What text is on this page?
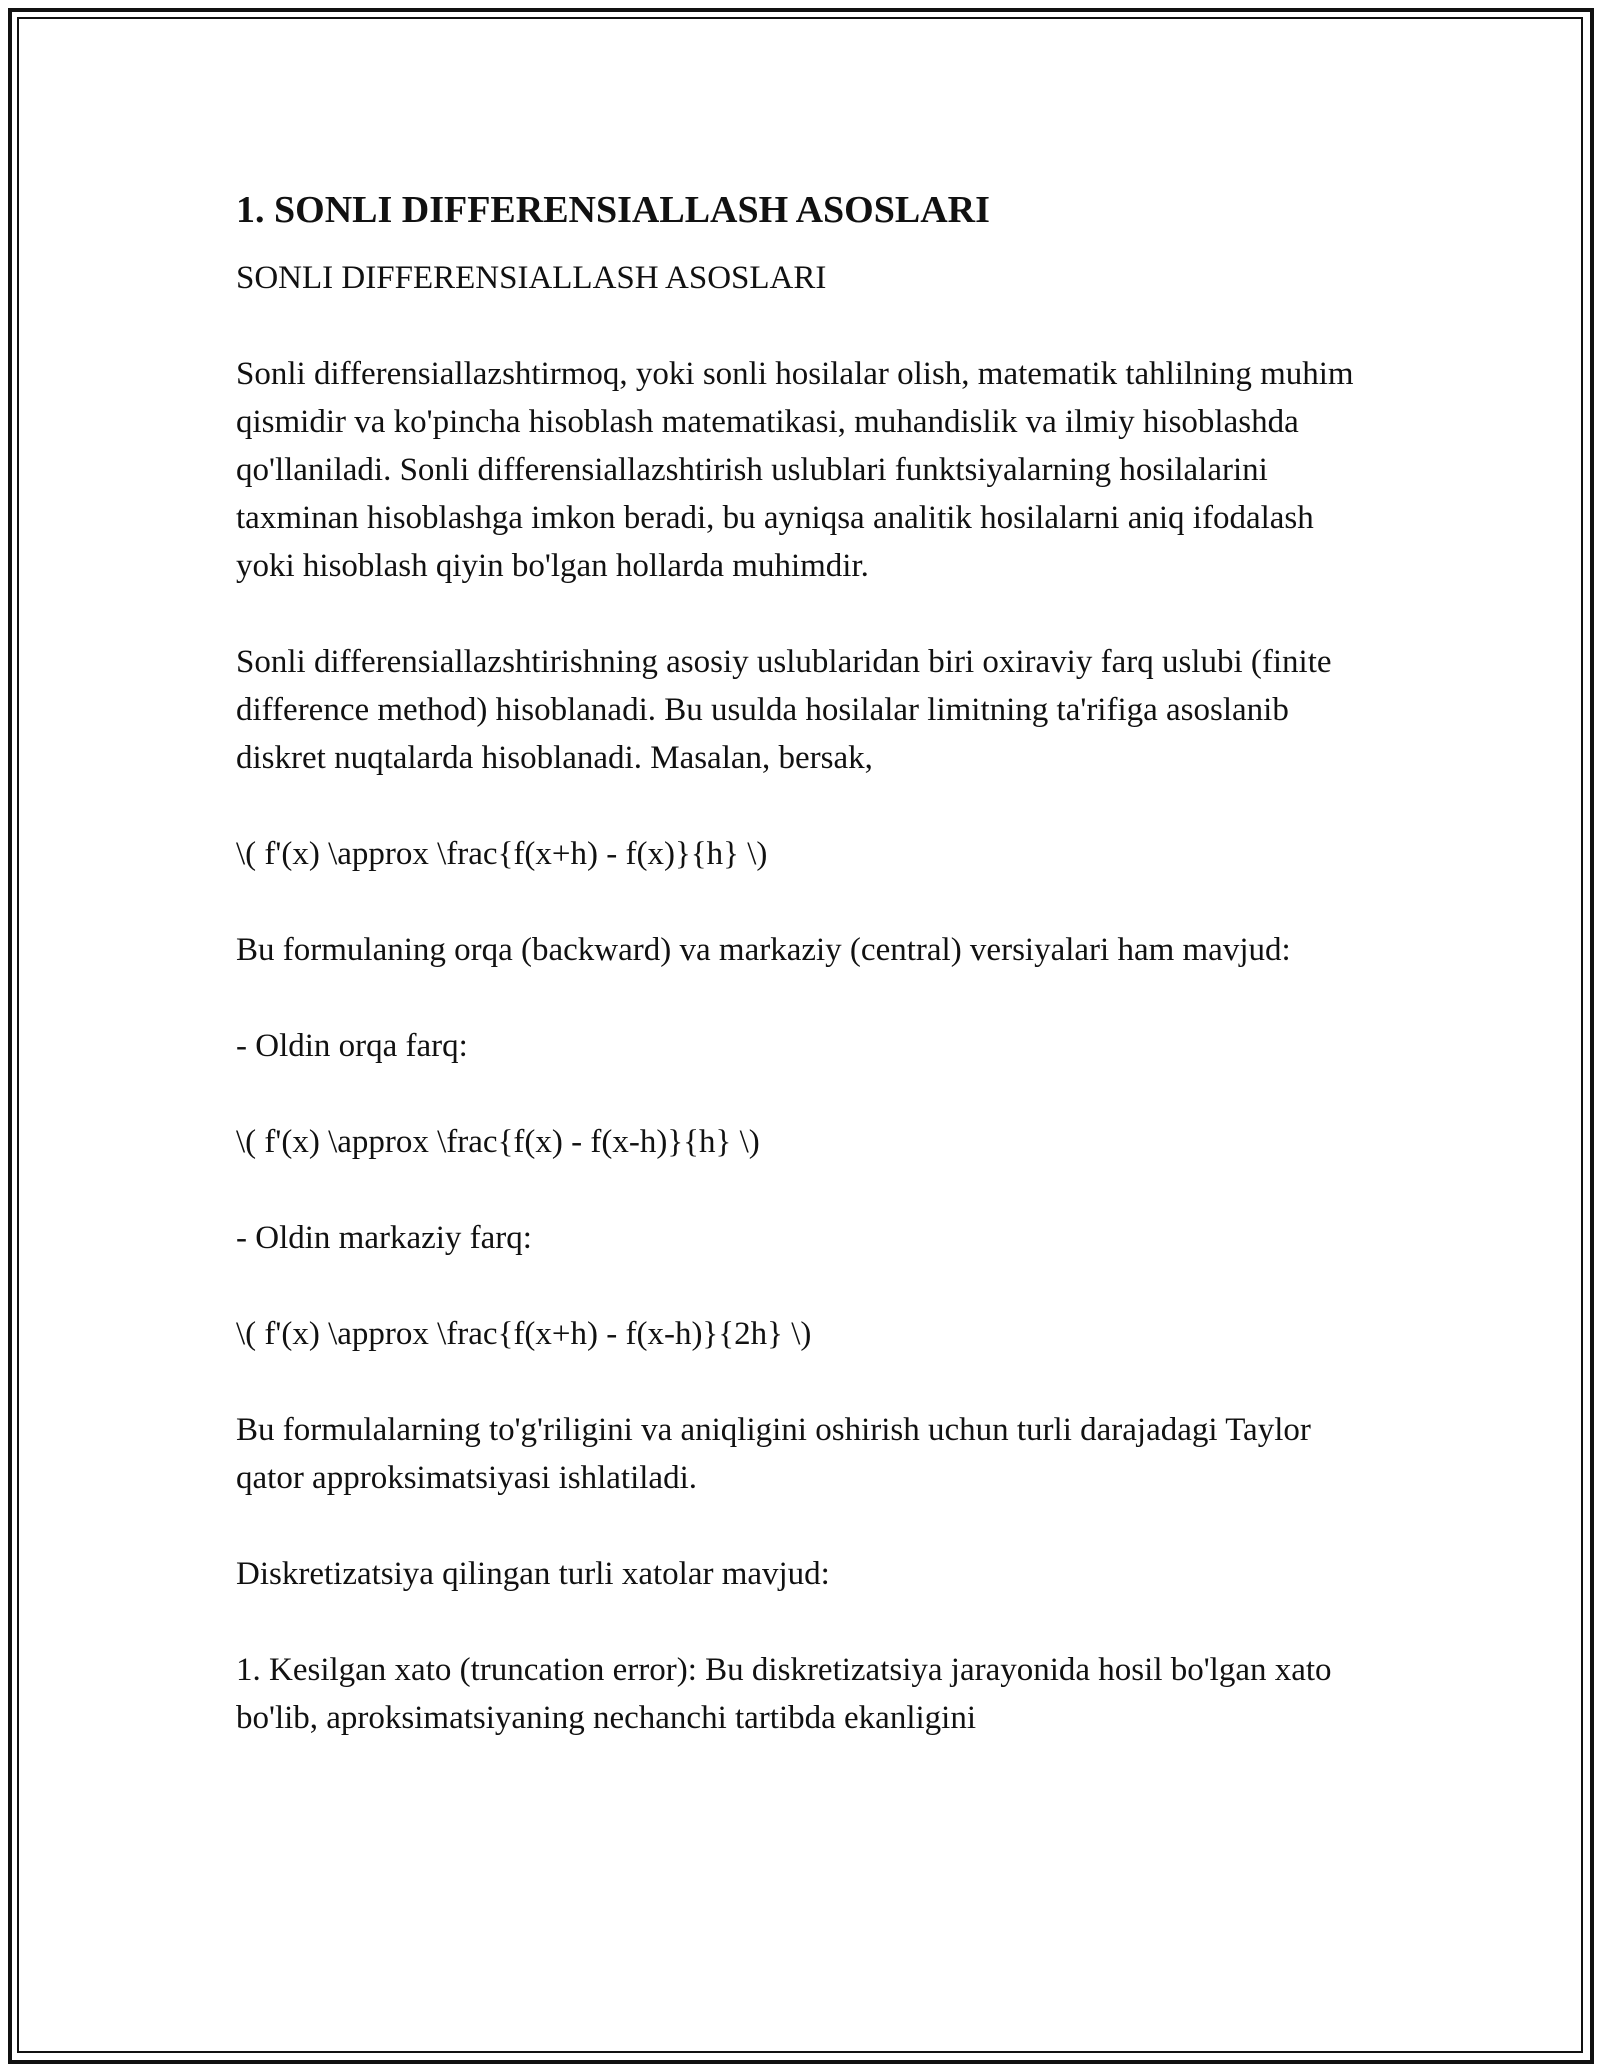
1. SONLI DIFFERENSIALLASH ASOSLARI

SONLI DIFFERENSIALLASH ASOSLARI

Sonli differensiallazshtirmoq, yoki sonli hosilalar olish, matematik tahlilning muhim qismidir va ko'pincha hisoblash matematikasi, muhandislik va ilmiy hisoblashda qo'llaniladi. Sonli differensiallazshtirish uslublari funktsiyalarning hosilalarini taxminan hisoblashga imkon beradi, bu ayniqsa analitik hosilalarni aniq ifodalash yoki hisoblash qiyin bo'lgan hollarda muhimdir.

Sonli differensiallazshtirishning asosiy uslublaridan biri oxiraviy farq uslubi (finite difference method) hisoblanadi. Bu usulda hosilalar limitning ta'rifiga asoslanib diskret nuqtalarda hisoblanadi. Masalan, bersak,

\( f'(x) \approx \frac{f(x+h) - f(x)}{h} \)

Bu formulaning orqa (backward) va markaziy (central) versiyalari ham mavjud:

- Oldin orqa farq:

\( f'(x) \approx \frac{f(x) - f(x-h)}{h} \)

- Oldin markaziy farq:

\( f'(x) \approx \frac{f(x+h) - f(x-h)}{2h} \)

Bu formulalarning to'g'riligini va aniqligini oshirish uchun turli darajadagi Taylor qator approksimatsiyasi ishlatiladi.

Diskretizatsiya qilingan turli xatolar mavjud:

1. Kesilgan xato (truncation error): Bu diskretizatsiya jarayonida hosil bo'lgan xato bo'lib, aproksimatsiyaning nechanchi tartibda ekanligini
